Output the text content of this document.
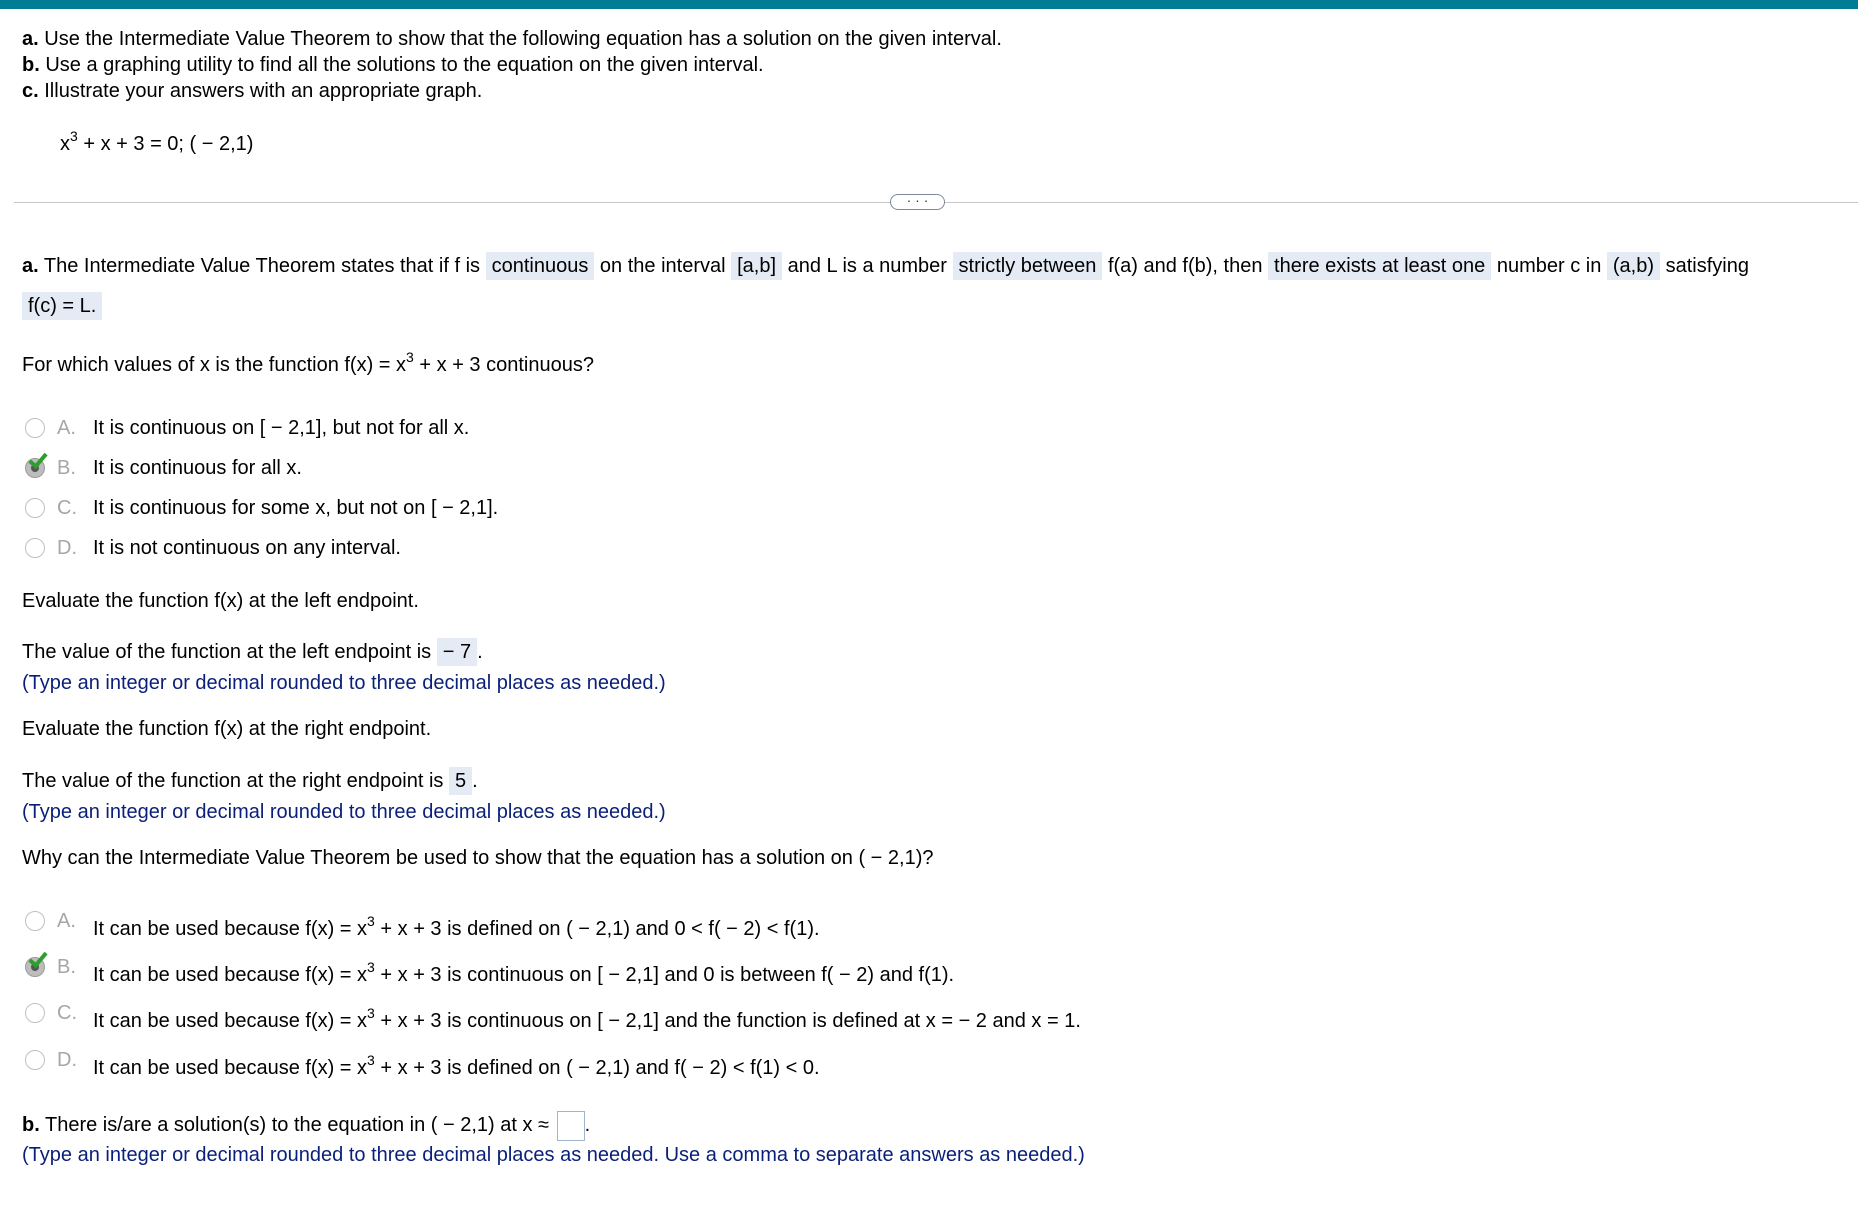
a. Use the Intermediate Value Theorem to show that the following equation has a solution on the given interval.
b. Use a graphing utility to find all the solutions to the equation on the given interval.
c. Illustrate your answers with an appropriate graph.
$x^3 + x + 3 = 0$; ( − 2,1)
· · ·
a. The Intermediate Value Theorem states that if f is continuous on the interval [a,b] and L is a number strictly between f(a) and f(b), then there exists at least one number c in (a,b) satisfying
f(c) = L.
For which values of x is the function $f(x) = x^3 + x + 3$ continuous?
A. It is continuous on [ − 2,1], but not for all x.
B. It is continuous for all x.
C. It is continuous for some x, but not on [ − 2,1].
D. It is not continuous on any interval.
Evaluate the function f(x) at the left endpoint.
The value of the function at the left endpoint is − 7 .
(Type an integer or decimal rounded to three decimal places as needed.)
Evaluate the function f(x) at the right endpoint.
The value of the function at the right endpoint is 5 .
(Type an integer or decimal rounded to three decimal places as needed.)
Why can the Intermediate Value Theorem be used to show that the equation has a solution on ( − 2,1)?
A. It can be used because $f(x) = x^3 + x + 3$ is defined on ( − 2,1) and 0 < f( − 2) < f(1).
B. It can be used because $f(x) = x^3 + x + 3$ is continuous on [ − 2,1] and 0 is between f( − 2) and f(1).
C. It can be used because $f(x) = x^3 + x + 3$ is continuous on [ − 2,1] and the function is defined at x = − 2 and x = 1.
D. It can be used because $f(x) = x^3 + x + 3$ is defined on ( − 2,1) and f( − 2) < f(1) < 0.
b. There is/are a solution(s) to the equation in ( − 2,1) at x ≈ .
(Type an integer or decimal rounded to three decimal places as needed. Use a comma to separate answers as needed.)
